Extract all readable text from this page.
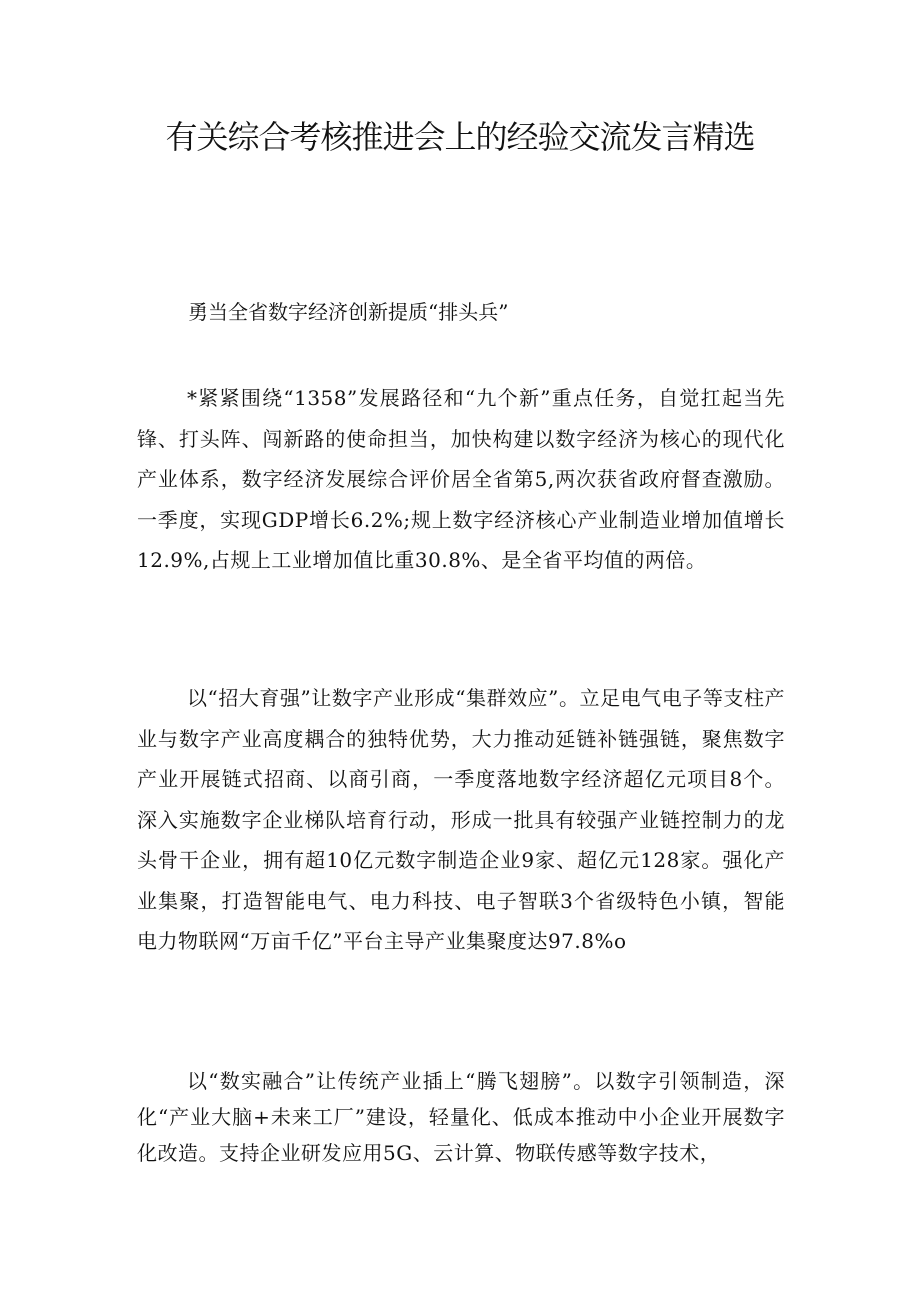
有关综合考核推进会上的经验交流发言精选

勇当全省数字经济创新提质“排头兵”

*紧紧围绕“1358”发展路径和“九个新”重点任务，自觉扛起当先锋、打头阵、闯新路的使命担当，加快构建以数字经济为核心的现代化产业体系，数字经济发展综合评价居全省第5,两次获省政府督查激励。一季度，实现GDP增长6.2%;规上数字经济核心产业制造业增加值增长12.9%,占规上工业增加值比重30.8%、是全省平均值的两倍。

以“招大育强”让数字产业形成“集群效应”。立足电气电子等支柱产业与数字产业高度耦合的独特优势，大力推动延链补链强链，聚焦数字产业开展链式招商、以商引商，一季度落地数字经济超亿元项目8个。深入实施数字企业梯队培育行动，形成一批具有较强产业链控制力的龙头骨干企业，拥有超10亿元数字制造企业9家、超亿元128家。强化产业集聚，打造智能电气、电力科技、电子智联3个省级特色小镇，智能电力物联网“万亩千亿”平台主导产业集聚度达97.8%o

以“数实融合”让传统产业插上“腾飞翅膀”。以数字引领制造，深化“产业大脑+未来工厂”建设，轻量化、低成本推动中小企业开展数字化改造。支持企业研发应用5G、云计算、物联传感等数字技术，
